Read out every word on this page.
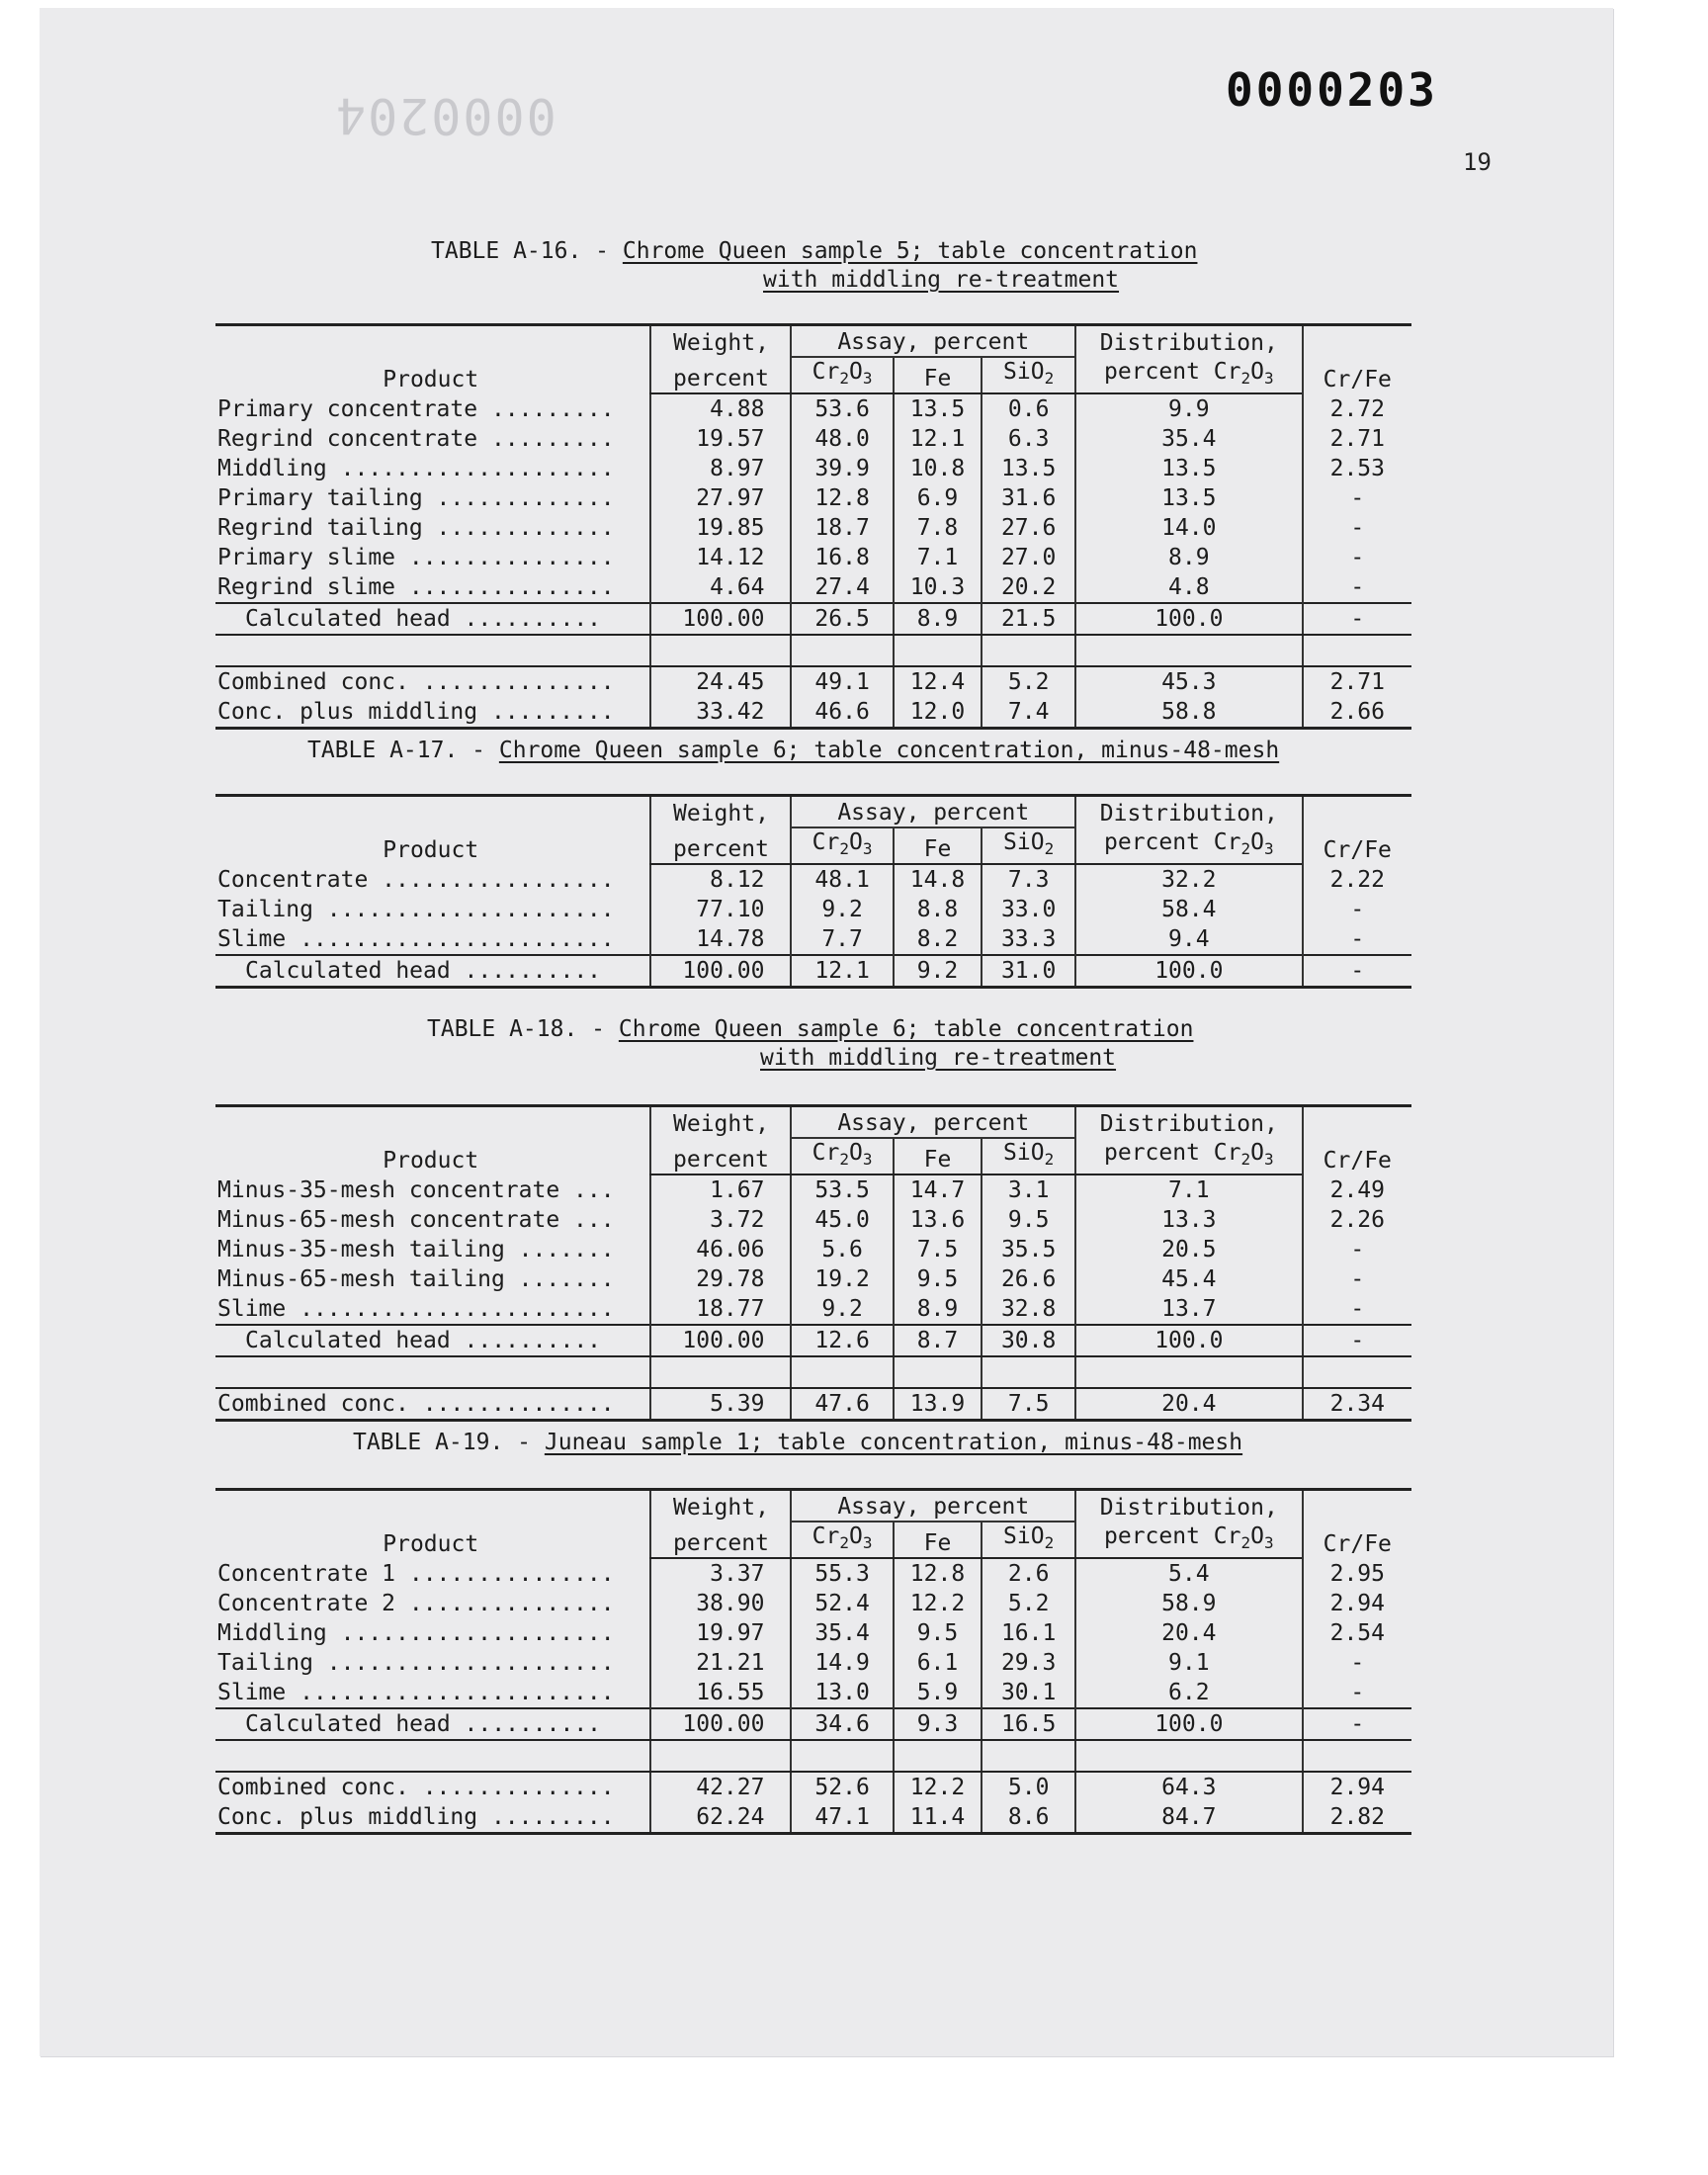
0000204	0000203
19
TABLE A-16. - Chrome Queen sample 5; table concentration
with middling re-treatment
Product	Weight,	Assay, percent			Distribution,	Cr/Fe
	percent	$Cr_2O_3$	Fe	SiO$_2$	percent $Cr_2O_3$
Primary concentrate .........	4.88	53.6	13.5	0.6	9.9	2.72
Regrind concentrate .........	19.57	48.0	12.1	6.3	35.4	2.71
Middling ....................	8.97	39.9	10.8	13.5	13.5	2.53
Primary tailing .............	27.97	12.8	6.9	31.6	13.5	-
Regrind tailing .............	19.85	18.7	7.8	27.6	14.0	-
Primary slime ...............	14.12	16.8	7.1	27.0	8.9	-
Regrind slime ...............	4.64	27.4	10.3	20.2	4.8	-
Calculated head ..........	100.00	26.5	8.9	21.5	100.0	-

Combined conc. ..............	24.45	49.1	12.4	5.2	45.3	2.71
Conc. plus middling .........	33.42	46.6	12.0	7.4	58.8	2.66
TABLE A-17. - Chrome Queen sample 6; table concentration, minus-48-mesh
Product	Weight,	Assay, percent			Distribution,	Cr/Fe
	percent	$Cr_2O_3$	Fe	SiO$_2$	percent $Cr_2O_3$
Concentrate .................	8.12	48.1	14.8	7.3	32.2	2.22
Tailing .....................	77.10	9.2	8.8	33.0	58.4	-
Slime .......................	14.78	7.7	8.2	33.3	9.4	-
Calculated head ..........	100.00	12.1	9.2	31.0	100.0	-
TABLE A-18. - Chrome Queen sample 6; table concentration
with middling re-treatment
Product	Weight,	Assay, percent			Distribution,	Cr/Fe
	percent	$Cr_2O_3$	Fe	SiO$_2$	percent $Cr_2O_3$
Minus-35-mesh concentrate ...	1.67	53.5	14.7	3.1	7.1	2.49
Minus-65-mesh concentrate ...	3.72	45.0	13.6	9.5	13.3	2.26
Minus-35-mesh tailing .......	46.06	5.6	7.5	35.5	20.5	-
Minus-65-mesh tailing .......	29.78	19.2	9.5	26.6	45.4	-
Slime .......................	18.77	9.2	8.9	32.8	13.7	-
Calculated head ..........	100.00	12.6	8.7	30.8	100.0	-

Combined conc. ..............	5.39	47.6	13.9	7.5	20.4	2.34
TABLE A-19. - Juneau sample 1; table concentration, minus-48-mesh
Product	Weight,	Assay, percent			Distribution,	Cr/Fe
	percent	$Cr_2O_3$	Fe	SiO$_2$	percent $Cr_2O_3$
Concentrate 1 ...............	3.37	55.3	12.8	2.6	5.4	2.95
Concentrate 2 ...............	38.90	52.4	12.2	5.2	58.9	2.94
Middling ....................	19.97	35.4	9.5	16.1	20.4	2.54
Tailing .....................	21.21	14.9	6.1	29.3	9.1	-
Slime .......................	16.55	13.0	5.9	30.1	6.2	-
Calculated head ..........	100.00	34.6	9.3	16.5	100.0	-

Combined conc. ..............	42.27	52.6	12.2	5.0	64.3	2.94
Conc. plus middling .........	62.24	47.1	11.4	8.6	84.7	2.82
